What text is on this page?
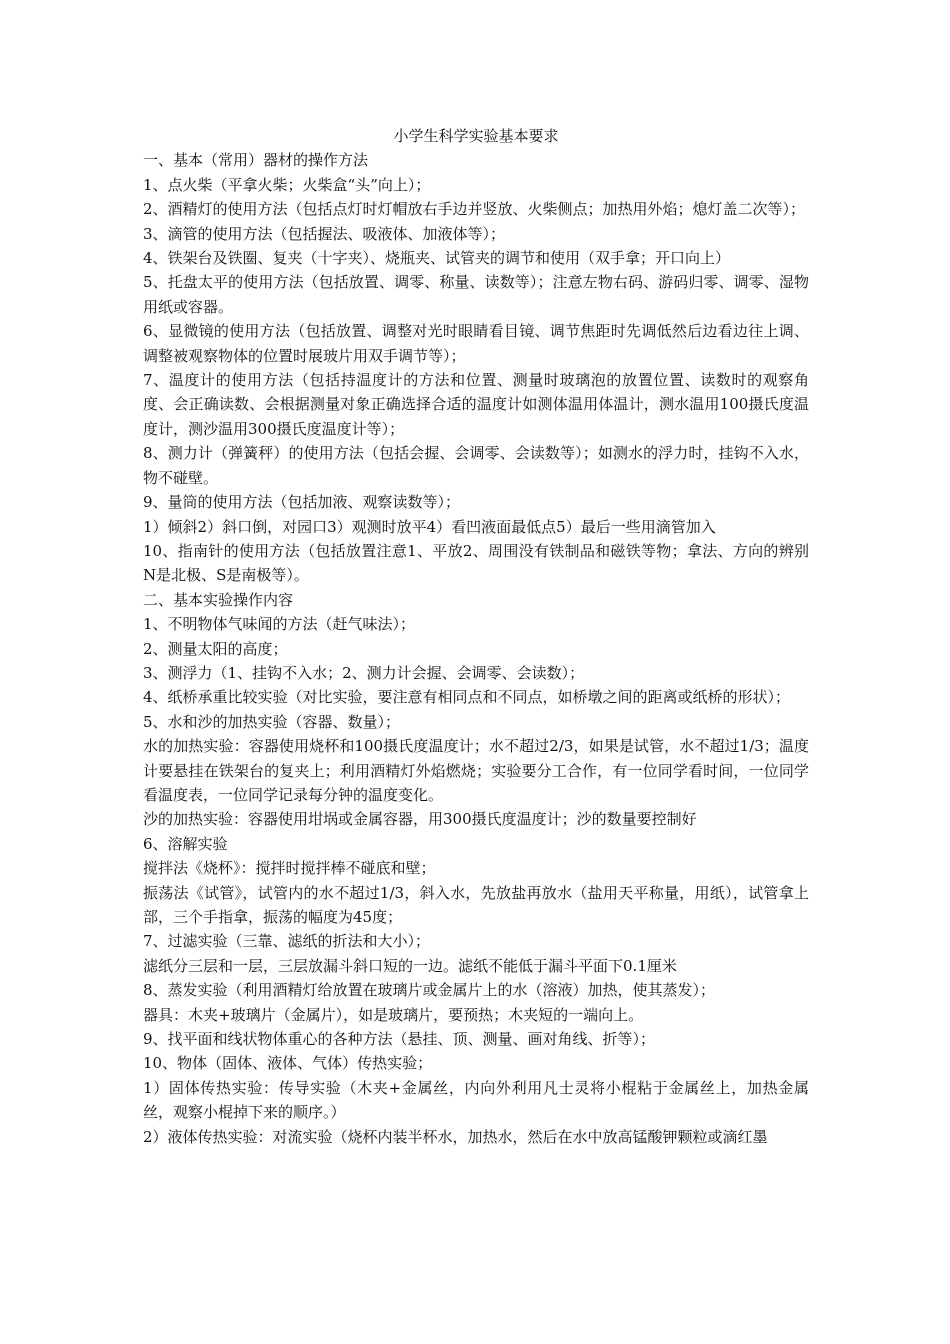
小学生科学实验基本要求

一、基本（常用）器材的操作方法

1、点火柴（平拿火柴；火柴盒“头”向上）；

2、酒精灯的使用方法（包括点灯时灯帽放右手边并竖放、火柴侧点；加热用外焰；熄灯盖二次等）；

3、滴管的使用方法（包括握法、吸液体、加液体等）；

4、铁架台及铁圈、复夹（十字夹）、烧瓶夹、试管夹的调节和使用（双手拿；开口向上）

5、托盘太平的使用方法（包括放置、调零、称量、读数等）；注意左物右码、游码归零、调零、湿物用纸或容器。

6、显微镜的使用方法（包括放置、调整对光时眼睛看目镜、调节焦距时先调低然后边看边往上调、调整被观察物体的位置时展玻片用双手调节等）；

7、温度计的使用方法（包括持温度计的方法和位置、测量时玻璃泡的放置位置、读数时的观察角度、会正确读数、会根据测量对象正确选择合适的温度计如测体温用体温计，测水温用100摄氏度温度计，测沙温用300摄氏度温度计等）；

8、测力计（弹簧秤）的使用方法（包括会握、会调零、会读数等）；如测水的浮力时，挂钩不入水，物不碰壁。

9、量筒的使用方法（包括加液、观察读数等）；

1）倾斜2）斜口倒，对园口3）观测时放平4）看凹液面最低点5）最后一些用滴管加入

10、指南针的使用方法（包括放置注意1、平放2、周围没有铁制品和磁铁等物；拿法、方向的辨别N是北极、S是南极等）。

二、基本实验操作内容

1、不明物体气味闻的方法（赶气味法）；

2、测量太阳的高度；

3、测浮力（1、挂钩不入水；2、测力计会握、会调零、会读数）；

4、纸桥承重比较实验（对比实验，要注意有相同点和不同点，如桥墩之间的距离或纸桥的形状）；

5、水和沙的加热实验（容器、数量）；

水的加热实验：容器使用烧杯和100摄氏度温度计；水不超过2/3，如果是试管，水不超过1/3；温度计要悬挂在铁架台的复夹上；利用酒精灯外焰燃烧；实验要分工合作，有一位同学看时间，一位同学看温度表，一位同学记录每分钟的温度变化。

沙的加热实验：容器使用坩埚或金属容器，用300摄氏度温度计；沙的数量要控制好

6、溶解实验

搅拌法《烧杯》：搅拌时搅拌棒不碰底和壁；

振荡法《试管》，试管内的水不超过1/3，斜入水，先放盐再放水（盐用天平称量，用纸），试管拿上部，三个手指拿，振荡的幅度为45度；

7、过滤实验（三靠、滤纸的折法和大小）；

滤纸分三层和一层，三层放漏斗斜口短的一边。滤纸不能低于漏斗平面下0.1厘米

8、蒸发实验（利用酒精灯给放置在玻璃片或金属片上的水（溶液）加热，使其蒸发）；

器具：木夹+玻璃片（金属片），如是玻璃片，要预热；木夹短的一端向上。

9、找平面和线状物体重心的各种方法（悬挂、顶、测量、画对角线、折等）；

10、物体（固体、液体、气体）传热实验；

1）固体传热实验：传导实验（木夹+金属丝，内向外利用凡士灵将小棍粘于金属丝上，加热金属丝，观察小棍掉下来的顺序。）

2）液体传热实验：对流实验（烧杯内装半杯水，加热水，然后在水中放高锰酸钾颗粒或滴红墨
